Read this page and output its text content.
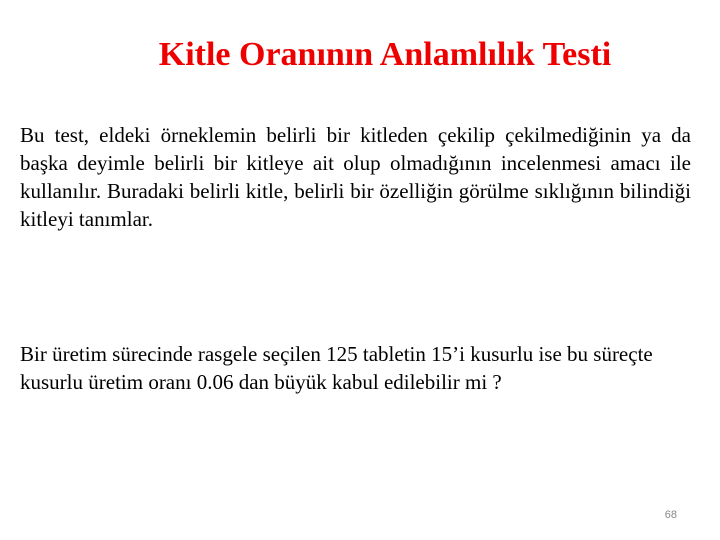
Kitle Oranının Anlamlılık Testi

Bu test, eldeki örneklemin belirli bir kitleden çekilip çekilmediğinin ya da başka deyimle belirli bir kitleye ait olup olmadığının incelenmesi amacı ile kullanılır. Buradaki belirli kitle, belirli bir özelliğin görülme sıklığının bilindiği kitleyi tanımlar.

Bir üretim sürecinde rasgele seçilen 125 tabletin 15’i kusurlu ise bu süreçte kusurlu üretim oranı 0.06 dan büyük kabul edilebilir mi ?

68
